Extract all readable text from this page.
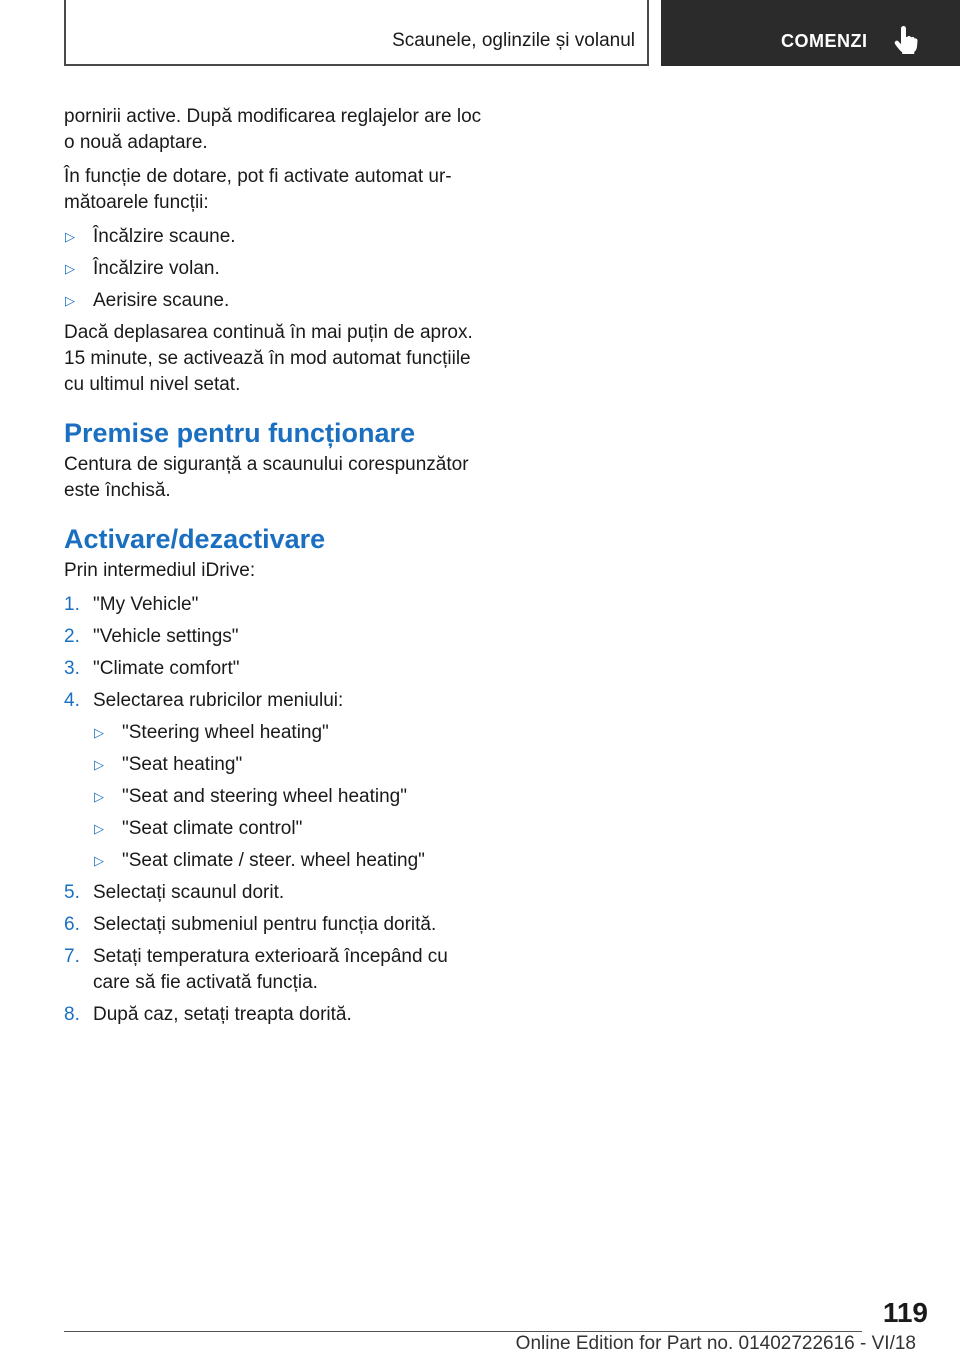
Scaunele, oglinzile și volanul	COMENZI

pornirii active. După modificarea reglajelor are loc o nouă adaptare.

În funcție de dotare, pot fi activate automat ur-mătoarele funcții:

▷ Încălzire scaune.
▷ Încălzire volan.
▷ Aerisire scaune.

Dacă deplasarea continuă în mai puțin de aprox. 15 minute, se activează în mod automat funcțiile cu ultimul nivel setat.

Premise pentru funcționare

Centura de siguranță a scaunului corespunzător este închisă.

Activare/dezactivare

Prin intermediul iDrive:

1. "My Vehicle"
2. "Vehicle settings"
3. "Climate comfort"
4. Selectarea rubricilor meniului:
▷ "Steering wheel heating"
▷ "Seat heating"
▷ "Seat and steering wheel heating"
▷ "Seat climate control"
▷ "Seat climate / steer. wheel heating"
5. Selectați scaunul dorit.
6. Selectați submeniul pentru funcția dorită.
7. Setați temperatura exterioară începând cu care să fie activată funcția.
8. După caz, setați treapta dorită.
119
Online Edition for Part no. 01402722616 - VI/18
